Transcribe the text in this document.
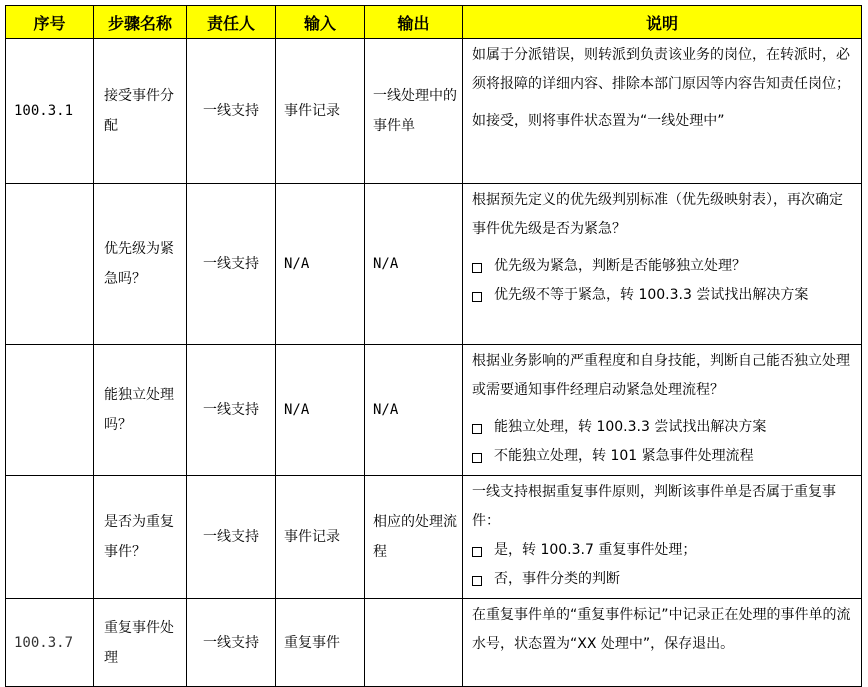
序号	步骤名称	责任人	输入	输出	说明
100.3.1	接受事件分配	一线支持	事件记录	一线处理中的事件单	如属于分派错误，则转派到负责该业务的岗位，在转派时，必须将报障的详细内容、排除本部门原因等内容告知责任岗位；

如接受，则将事件状态置为“一线处理中”

	优先级为紧急吗？	一线支持	N/A	N/A	根据预先定义的优先级判别标准（优先级映射表），再次确定事件优先级是否为紧急？

优先级为紧急，判断是否能够独立处理？
优先级不等于紧急，转 100.3.3 尝试找出解决方案

	能独立处理吗？	一线支持	N/A	N/A	根据业务影响的严重程度和自身技能，判断自己能否独立处理或需要通知事件经理启动紧急处理流程？

能独立处理，转 100.3.3 尝试找出解决方案
不能独立处理，转 101 紧急事件处理流程

	是否为重复事件？	一线支持	事件记录	相应的处理流程	一线支持根据重复事件原则，判断该事件单是否属于重复事件：

是，转 100.3.7 重复事件处理；
否，事件分类的判断

100.3.7	重复事件处理	一线支持	重复事件		在重复事件单的“重复事件标记”中记录正在处理的事件单的流水号，状态置为“XX 处理中”，保存退出。
